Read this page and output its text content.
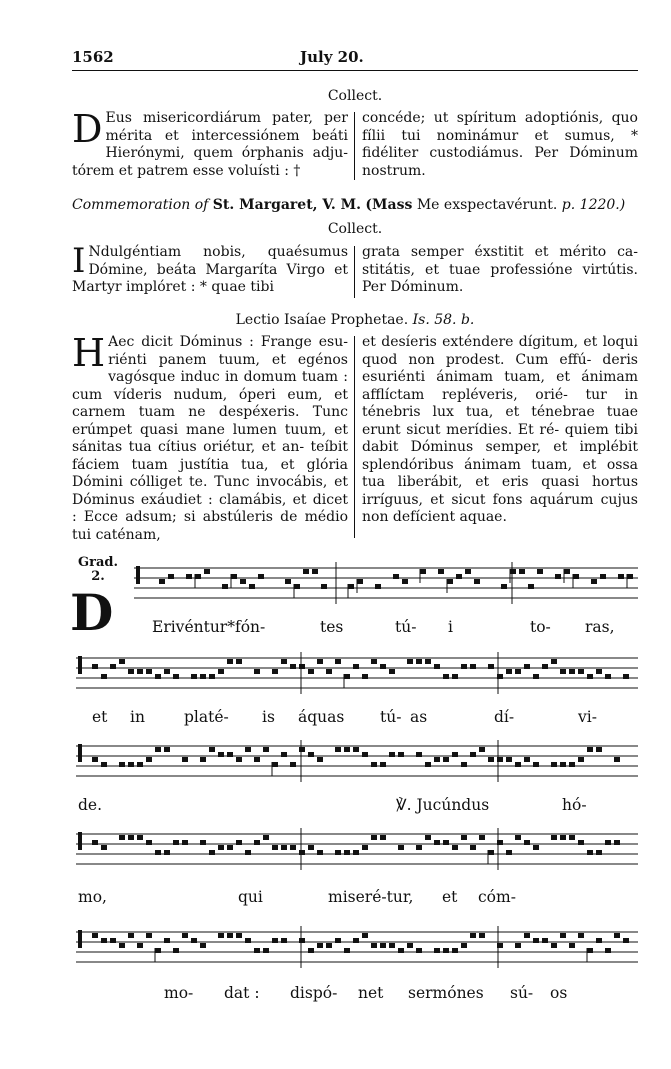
1562	July 20.
Collect.
D Eus misericordiárum pater, per mérita et intercessiónem beáti Hierónymi, quem órphanis adju- tórem et patrem esse voluísti : †

concéde; ut spíritum adoptiónis, quo fílii tui nominámur et sumus, * fidéliter custodiámus. Per Dóminum nostrum.

Commemoration of St. Margaret, V. M. (Mass Me exspectavérunt. p. 1220.)
Collect.
I Ndulgéntiam nobis, quaésumus Dómine, beáta Margaríta Virgo et Martyr implóret : * quae tibi

grata semper éxstitit et mérito ca- stitátis, et tuae professióne virtútis. Per Dóminum.

Lectio Isaíae Prophetae. Is. 58. b.
H Aec dicit Dóminus : Frange esu- riénti panem tuum, et egénos vagósque induc in domum tuam : cum víderis nudum, óperi eum, et carnem tuam ne despéxeris. Tunc erúmpet quasi mane lumen tuum, et sánitas tua cítius oriétur, et an- teíbit fáciem tuam justítia tua, et glória Dómini cólliget te. Tunc invocábis, et Dóminus exáudiet : clamábis, et dicet : Ecce adsum; si abstúleris de médio tui caténam,

et desíeris exténdere dígitum, et loqui quod non prodest. Cum effú- deris esuriénti ánimam tuam, et ánimam afflíctam repléveris, orié- tur in ténebris lux tua, et ténebrae tuae erunt sicut merídies. Et ré- quiem tibi dabit Dóminus semper, et implébit splendóribus ánimam tuam, et ossa tua liberábit, et eris quasi hortus irríguus, et sicut fons aquárum cujus non defícient aquae.

Grad.
2.
D Erivéntur*fón-	tes	tú- i	to- ras,
et in	platé- is áquas tú- as	dí-	vi-
de.	℣. Jucúndus	hó-
mo,	qui	miseré-tur, et cóm-
mo- dat : dispó- net sermónes sú- os
